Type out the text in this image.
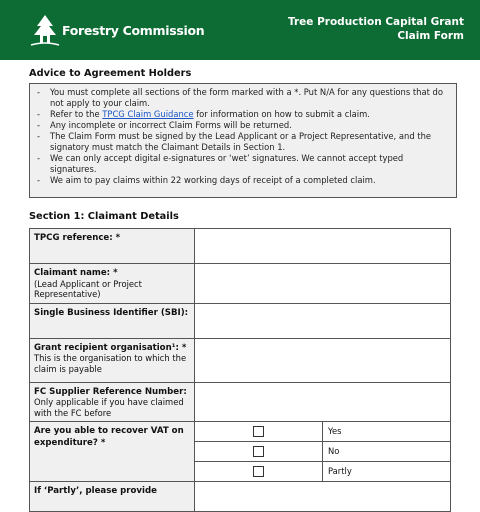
Forestry Commission
Tree Production Capital Grant
Claim Form
Advice to Agreement Holders
- You must complete all sections of the form marked with a *. Put N/A for any questions that do not apply to your claim.
- Refer to the TPCG Claim Guidance for information on how to submit a claim.
- Any incomplete or incorrect Claim Forms will be returned.
- The Claim Form must be signed by the Lead Applicant or a Project Representative, and the signatory must match the Claimant Details in Section 1.
- We can only accept digital e-signatures or ‘wet’ signatures. We cannot accept typed signatures.
- We aim to pay claims within 22 working days of receipt of a completed claim.
Section 1: Claimant Details
TPCG reference: *		
Claimant name: *
(Lead Applicant or Project Representative)		
Single Business Identifier (SBI):		
Grant recipient organisation¹: *
This is the organisation to which the claim is payable		
FC Supplier Reference Number:
Only applicable if you have claimed with the FC before		
Are you able to recover VAT on expenditure? *		Yes

		No

		Partly
If ‘Partly’, please provide		
